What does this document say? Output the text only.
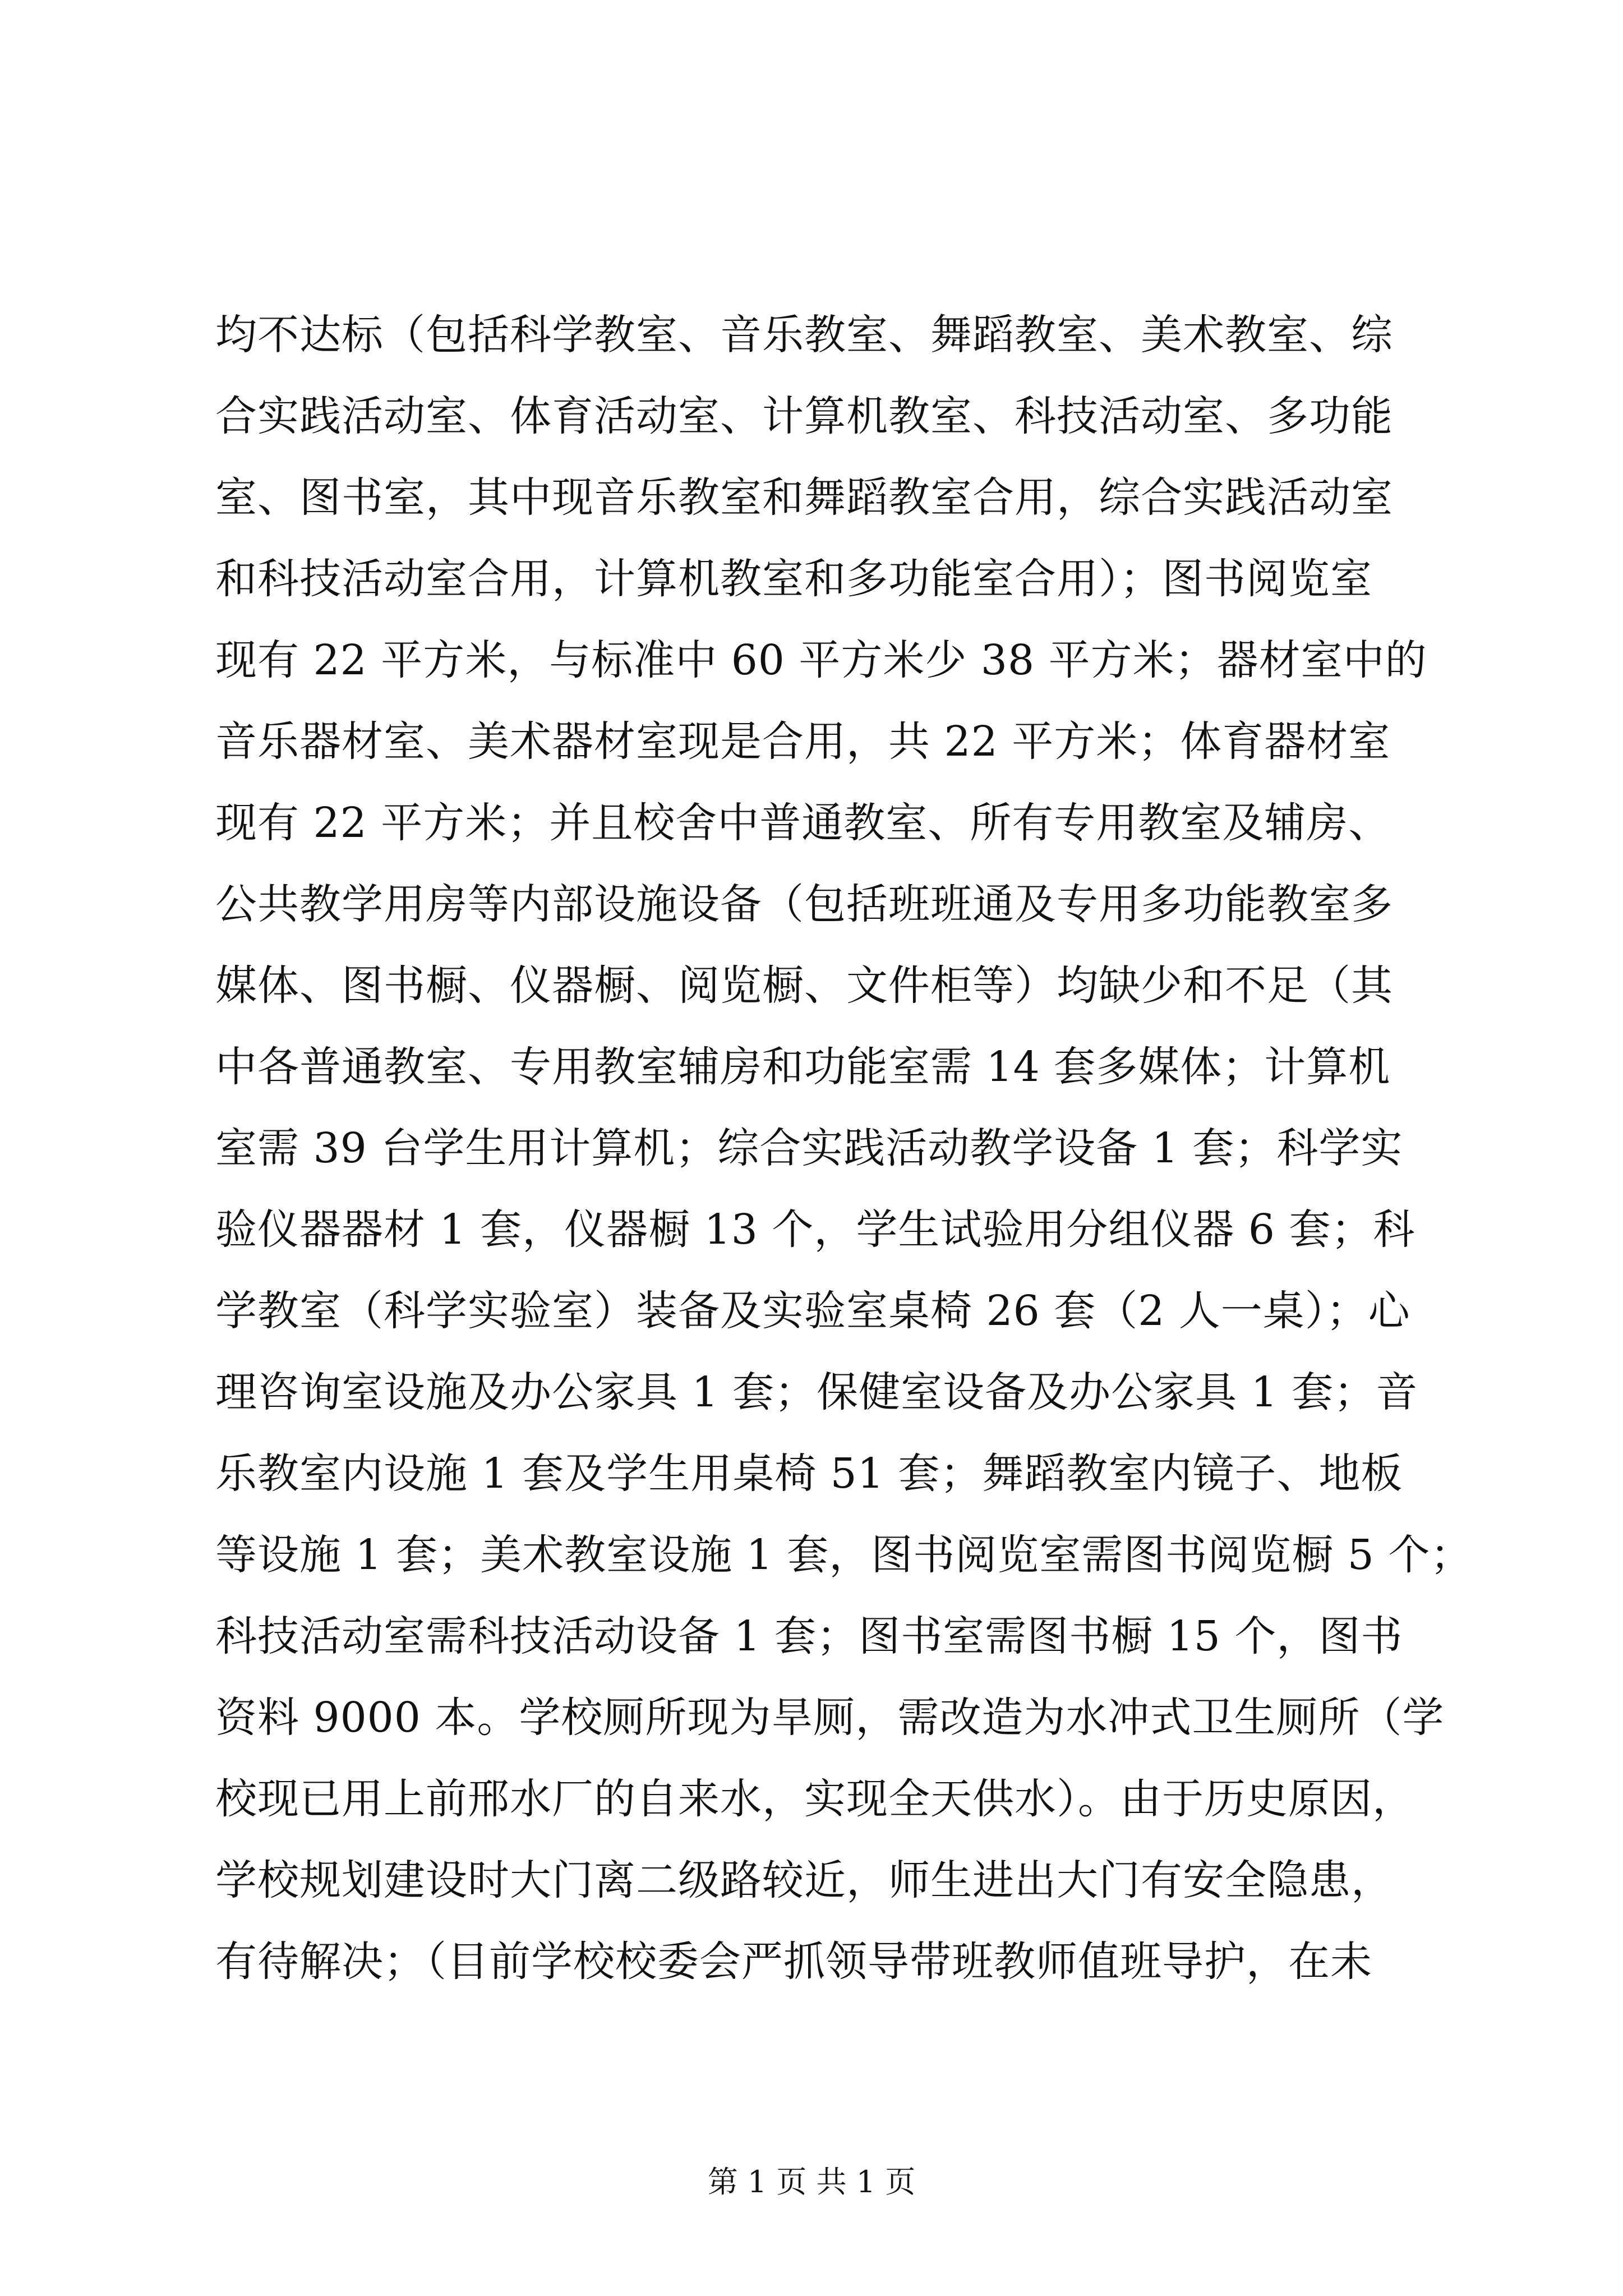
均不达标（包括科学教室、音乐教室、舞蹈教室、美术教室、综
合实践活动室、体育活动室、计算机教室、科技活动室、多功能
室、图书室，其中现音乐教室和舞蹈教室合用，综合实践活动室
和科技活动室合用，计算机教室和多功能室合用）；图书阅览室
现有 22 平方米，与标准中 60 平方米少 38 平方米；器材室中的
音乐器材室、美术器材室现是合用，共 22 平方米；体育器材室
现有 22 平方米；并且校舍中普通教室、所有专用教室及辅房、
公共教学用房等内部设施设备（包括班班通及专用多功能教室多
媒体、图书橱、仪器橱、阅览橱、文件柜等）均缺少和不足（其
中各普通教室、专用教室辅房和功能室需 14 套多媒体；计算机
室需 39 台学生用计算机；综合实践活动教学设备 1 套；科学实
验仪器器材 1 套，仪器橱 13 个，学生试验用分组仪器 6 套；科
学教室（科学实验室）装备及实验室桌椅 26 套（2 人一桌）；心
理咨询室设施及办公家具 1 套；保健室设备及办公家具 1 套；音
乐教室内设施 1 套及学生用桌椅 51 套；舞蹈教室内镜子、地板
等设施 1 套；美术教室设施 1 套，图书阅览室需图书阅览橱 5 个；
科技活动室需科技活动设备 1 套；图书室需图书橱 15 个，图书
资料 9000 本。学校厕所现为旱厕，需改造为水冲式卫生厕所（学
校现已用上前邢水厂的自来水，实现全天供水）。由于历史原因，
学校规划建设时大门离二级路较近，师生进出大门有安全隐患，
有待解决；（目前学校校委会严抓领导带班教师值班导护，在未
第 1 页 共 1 页
